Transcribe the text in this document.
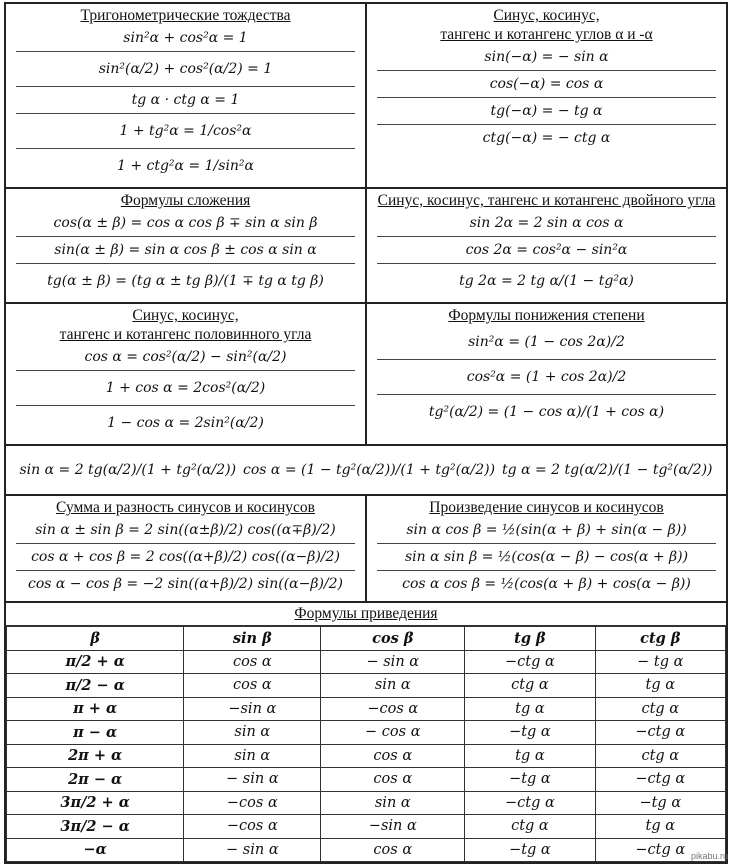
Тригонометрические тождества
sin²α + cos²α = 1
sin²(α/2) + cos²(α/2) = 1
tg α · ctg α = 1
1 + tg²α = 1/cos²α
1 + ctg²α = 1/sin²α
Синус, косинус,
тангенс и котангенс углов α и -α
sin(−α) = − sin α
cos(−α) = cos α
tg(−α) = − tg α
ctg(−α) = − ctg α
Формулы сложения
cos(α ± β) = cos α cos β ∓ sin α sin β
sin(α ± β) = sin α cos β ± cos α sin α
tg(α ± β) = (tg α ± tg β)/(1 ∓ tg α tg β)
Синус, косинус, тангенс и котангенс двойного угла
sin 2α = 2 sin α cos α
cos 2α = cos²α − sin²α
tg 2α = 2 tg α/(1 − tg²α)
Синус, косинус,
тангенс и котангенс половинного угла
cos α = cos²(α/2) − sin²(α/2)
1 + cos α = 2cos²(α/2)
1 − cos α = 2sin²(α/2)
Формулы понижения степени
sin²α = (1 − cos 2α)/2
cos²α = (1 + cos 2α)/2
tg²(α/2) = (1 − cos α)/(1 + cos α)
sin α = 2 tg(α/2)/(1 + tg²(α/2)) cos α = (1 − tg²(α/2))/(1 + tg²(α/2)) tg α = 2 tg(α/2)/(1 − tg²(α/2))
Сумма и разность синусов и косинусов
sin α ± sin β = 2 sin((α±β)/2) cos((α∓β)/2)
cos α + cos β = 2 cos((α+β)/2) cos((α−β)/2)
cos α − cos β = −2 sin((α+β)/2) sin((α−β)/2)
Произведение синусов и косинусов
sin α cos β = ½(sin(α + β) + sin(α − β))
sin α sin β = ½(cos(α − β) − cos(α + β))
cos α cos β = ½(cos(α + β) + cos(α − β))
Формулы приведения
β	sin β	cos β	tg β	ctg β
π/2 + α	cos α	− sin α	−ctg α	− tg α
π/2 − α	cos α	sin α	ctg α	tg α
π + α	−sin α	−cos α	tg α	ctg α
π − α	sin α	− cos α	−tg α	−ctg α
2π + α	sin α	cos α	tg α	ctg α
2π − α	− sin α	cos α	−tg α	−ctg α
3π/2 + α	−cos α	sin α	−ctg α	−tg α
3π/2 − α	−cos α	−sin α	ctg α	tg α
−α	− sin α	cos α	−tg α	−ctg α pikabu.ru
